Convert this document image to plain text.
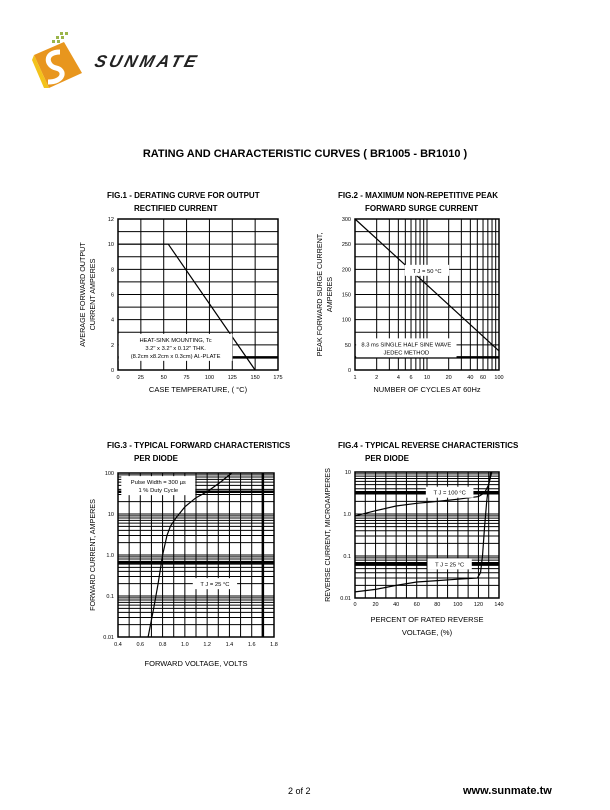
SUNMATE
RATING AND CHARACTERISTIC CURVES ( BR1005 - BR1010 )
FIG.1 - DERATING CURVE FOR OUTPUT
RECTIFIED CURRENT
FIG.2 - MAXIMUM NON-REPETITIVE PEAK
FORWARD SURGE CURRENT
FIG.3 - TYPICAL FORWARD CHARACTERISTICS
PER DIODE
FIG.4 - TYPICAL REVERSE CHARACTERISTICS
PER DIODE
HEAT-SINK MOUNTING, Tc
3.2" x 3.2" x 0.12" THK.
(8.2cm x8.2cm x 0.3cm) Al.-PLATE
0	25	50	75	100 125 150 175
0
2
4
6
8
10
12
CASE TEMPERATURE, ( °C)
AVERAGE FORWARD OUTPUT CURRENT AMPERES	T J = 50 °C
8.3 ms SINGLE HALF SINE WAVE
JEDEC METHOD
1	2	4 6 10	20	40 60 100
0
50
100
150
200
250
300
NUMBER OF CYCLES AT 60Hz
PEAK FORWARD SURGE CURRENT, AMPERES
Pulse Width = 300 µs
1 % Duty Cycle
T J = 25 °C
0.4	0.6	0.8	1.0	1.2	1.4	1.6	1.8
0.01
0.1
1.0
10
100
FORWARD VOLTAGE, VOLTS
FORWARD CURRENT, AMPERES
T J = 100 °C
T J = 25 °C
0	20	40	60	80 100 120 140
0.01
0.1
1.0
10
PERCENT OF RATED REVERSE
VOLTAGE, (%)
REVERSE CURRENT, MICROAMPERES
2 of 2	www.sunmate.tw
